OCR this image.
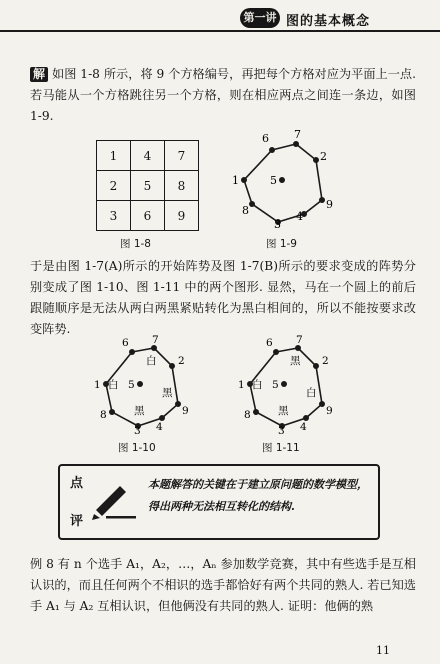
第一讲 图的基本概念
解 如图 1-8 所示，将 9 个方格编号，再把每个方格对应为平面上一点. 若马能从一个方格跳往另一个方格，则在相应两点之间连一条边，如图 1-9.
1	4	7
2	5	8
3	6	9
图 1-8
6 7
2
9
4
3
8
1	5
图 1-9
于是由图 1-7(A)所示的开始阵势及图 1-7(B)所示的要求变成的阵势分别变成了图 1-10、图 1-11 中的两个图形. 显然，马在一个圆上的前后跟随顺序是无法从两白两黑紧贴转化为黑白相间的，所以不能按要求改变阵势.
6 7
2
9
4
3
8
1	5
白
白
黑
黑
图 1-10
6 7
2
9
4
3
8
1	5
黑
白
白
黑
图 1-11
点
评
本题解答的关键在于建立原问题的数学模型，得出两种无法相互转化的结构.
例 8 有 n 个选手 A₁，A₂，…，Aₙ 参加数学竞赛，其中有些选手是互相认识的，而且任何两个不相识的选手都恰好有两个共同的熟人. 若已知选手 A₁ 与 A₂ 互相认识，但他俩没有共同的熟人. 证明：他俩的熟
11
